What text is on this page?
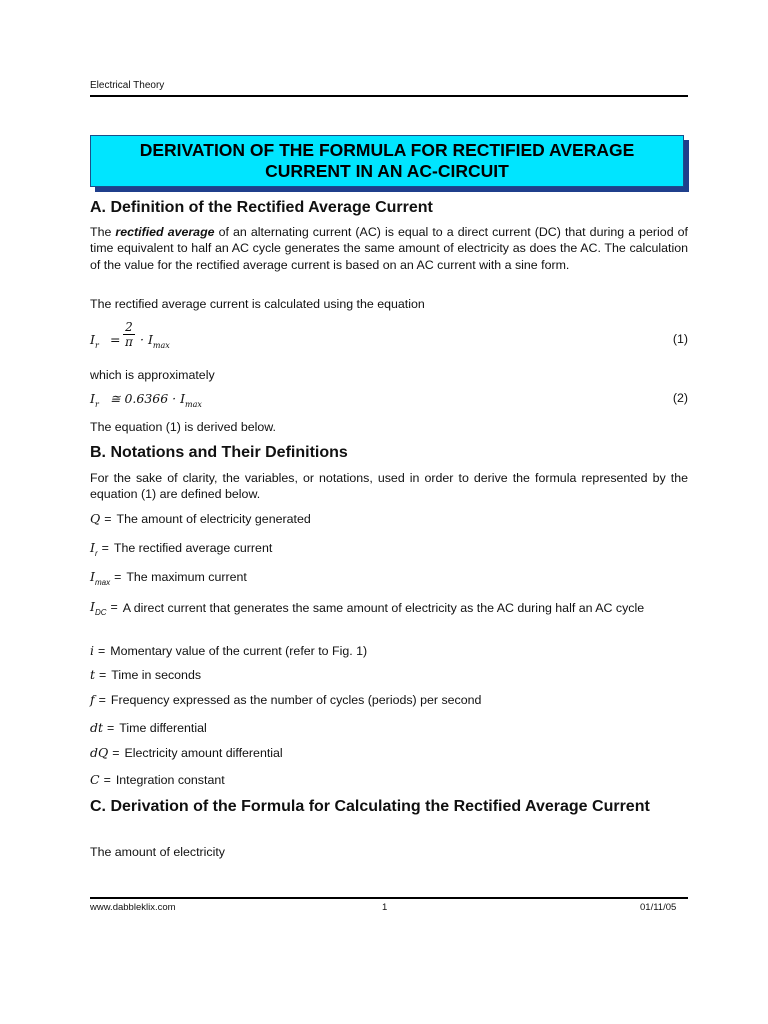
Electrical Theory
DERIVATION OF THE FORMULA FOR RECTIFIED AVERAGE
CURRENT IN AN AC-CIRCUIT
A. Definition of the Rectified Average Current
The rectified average of an alternating current (AC) is equal to a direct current (DC) that during a period of time equivalent to half an AC cycle generates the same amount of electricity as does the AC. The calculation of the value for the rectified average current is based on an AC current with a sine form.
The rectified average current is calculated using the equation
$I_r$ =
2
$\pi \cdot I_{max}$	(1)
which is approximately
$I_r$ ≅ $0.6366 \cdot I_{max}$	(2)
The equation (1) is derived below.
B. Notations and Their Definitions
For the sake of clarity, the variables, or notations, used in order to derive the formula represented by the equation (1) are defined below.
Q = The amount of electricity generated
$I_r$ = The rectified average current
$I_{max}$ = The maximum current
$I_{DC} = A$ direct current that generates the same amount of electricity as the AC during half an AC cycle
i = Momentary value of the current (refer to Fig. 1)
t = Time in seconds
f = Frequency expressed as the number of cycles (periods) per second
dt = Time differential
dQ = Electricity amount differential
C = Integration constant
C. Derivation of the Formula for Calculating the Rectified Average Current
The amount of electricity
www.dabbleklix.com	1	01/11/05
